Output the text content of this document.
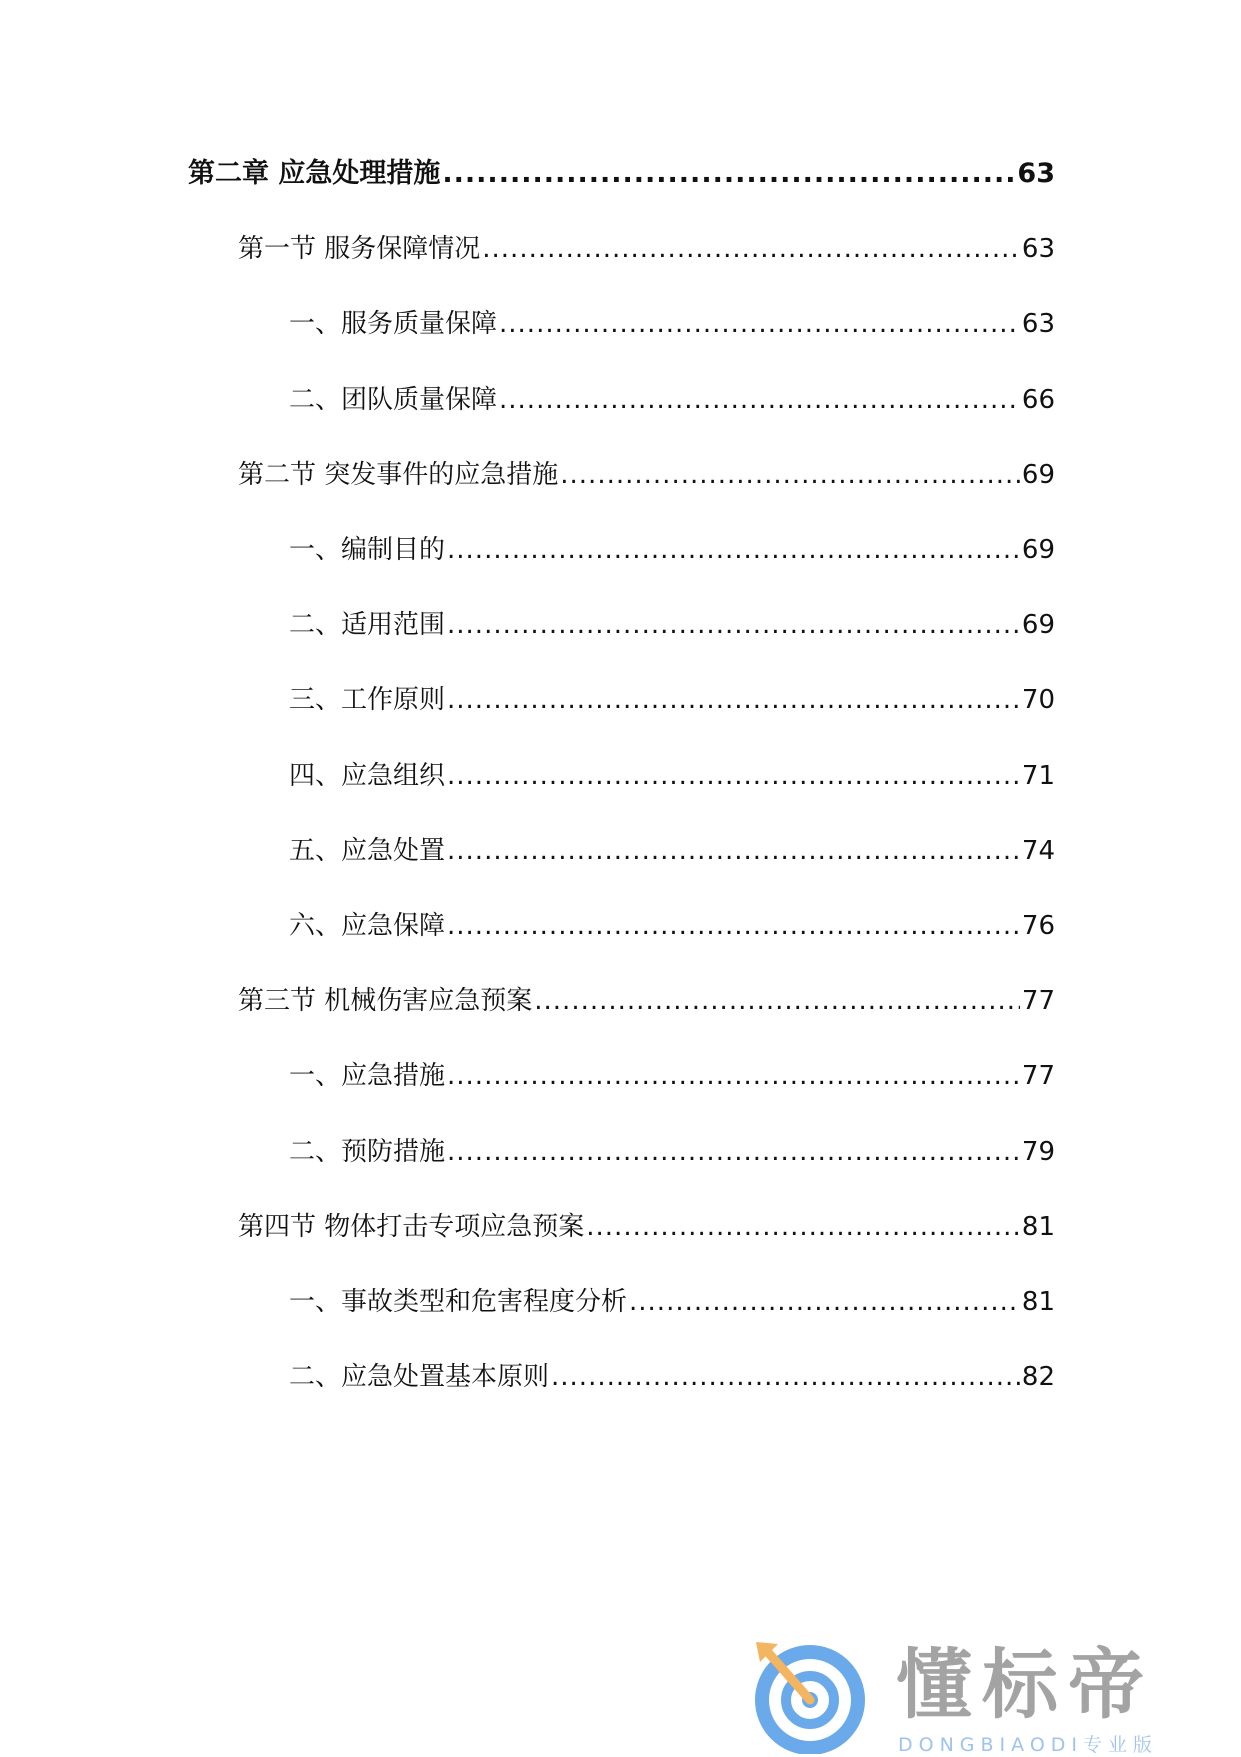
第二章 应急处理措施 .....	63
第一节 服务保障情况 .....	63
一、服务质量保障 .....	63
二、团队质量保障 .....	66
第二节 突发事件的应急措施 .....	69
一、编制目的 .....	69
二、适用范围 .....	69
三、工作原则 .....	70
四、应急组织 .....	71
五、应急处置 .....	74
六、应急保障 .....	76
第三节 机械伤害应急预案 .....	77
一、应急措施 .....	77
二、预防措施 .....	79
第四节 物体打击专项应急预案 .....	81
一、事故类型和危害程度分析 .....	81
二、应急处置基本原则 .....	82
懂标帝
DONGBIAODI专业版
